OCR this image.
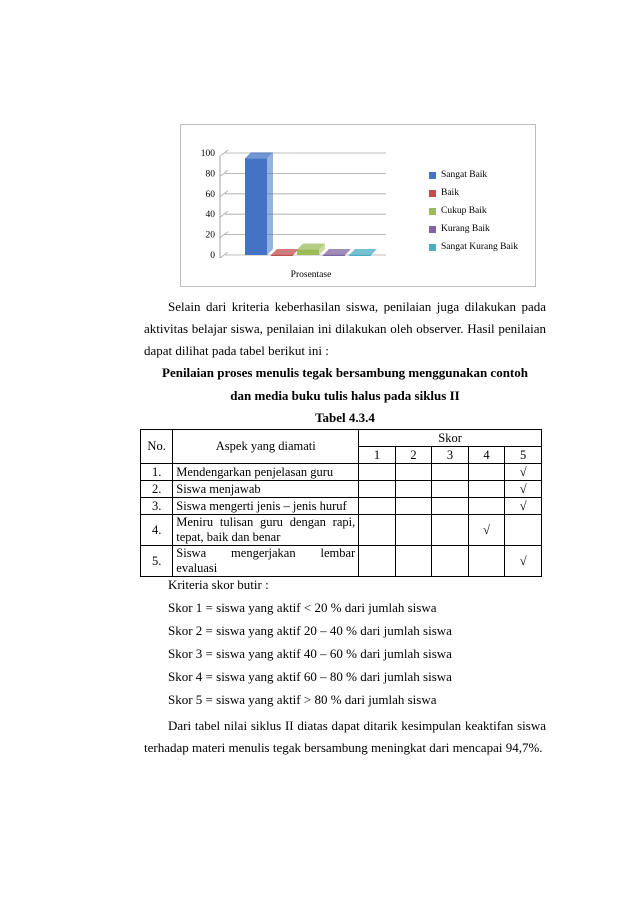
0
20
40
60
80
100
Prosentase
Sangat Baik
Baik
Cukup Baik
Kurang Baik
Sangat Kurang Baik
Selain dari kriteria keberhasilan siswa, penilaian juga dilakukan pada aktivitas belajar siswa, penilaian ini dilakukan oleh observer. Hasil penilaian dapat dilihat pada tabel berikut ini :
Penilaian proses menulis tegak bersambung menggunakan contoh
dan media buku tulis halus pada siklus II
Tabel 4.3.4
No.	Aspek yang diamati	Skor				
		1	2	3	4	5
1.	Mendengarkan penjelasan guru					√
2.	Siswa menjawab					√
3.	Siswa mengerti jenis – jenis huruf					√
4.	Meniru tulisan guru dengan rapi, tepat, baik dan benar				√	
5.	Siswa mengerjakan lembar evaluasi					√
Kriteria skor butir :
Skor 1 = siswa yang aktif < 20 % dari jumlah siswa
Skor 2 = siswa yang aktif 20 – 40 % dari jumlah siswa
Skor 3 = siswa yang aktif 40 – 60 % dari jumlah siswa
Skor 4 = siswa yang aktif 60 – 80 % dari jumlah siswa
Skor 5 = siswa yang aktif > 80 % dari jumlah siswa
Dari tabel nilai siklus II diatas dapat ditarik kesimpulan keaktifan siswa terhadap materi menulis tegak bersambung meningkat dari mencapai 94,7%.
